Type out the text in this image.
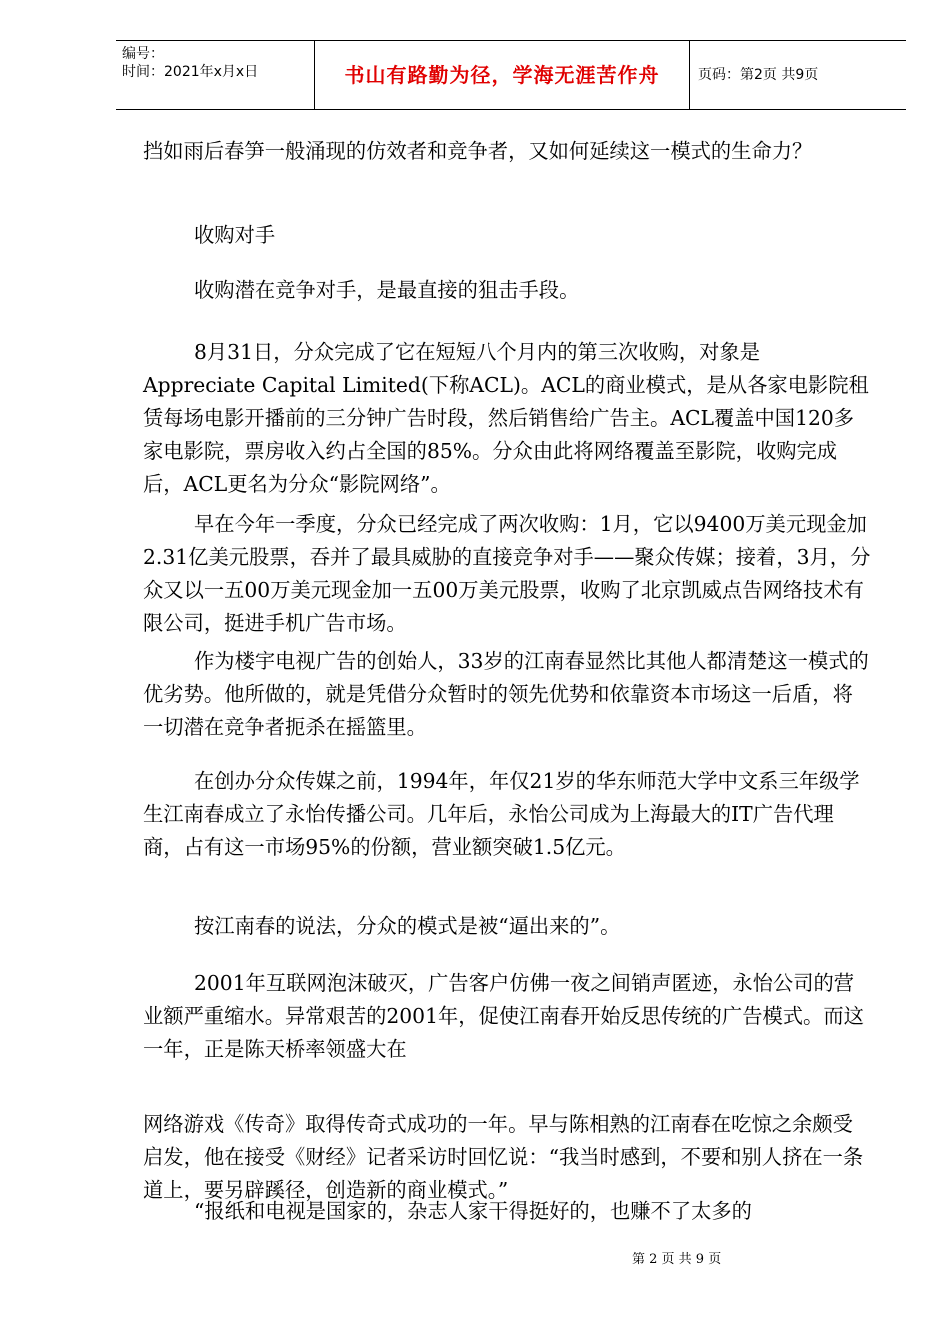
编号：
时间：2021年x月x日	书山有路勤为径，学海无涯苦作舟	页码：第2页 共9页

挡如雨后春笋一般涌现的仿效者和竞争者，又如何延续这一模式的生命力？

收购对手

收购潜在竞争对手，是最直接的狙击手段。

8月31日，分众完成了它在短短八个月内的第三次收购，对象是Appreciate Capital Limited(下称ACL)。ACL的商业模式，是从各家电影院租赁每场电影开播前的三分钟广告时段，然后销售给广告主。ACL覆盖中国120多家电影院，票房收入约占全国的85%。分众由此将网络覆盖至影院，收购完成后，ACL更名为分众“影院网络”。

早在今年一季度，分众已经完成了两次收购：1月，它以9400万美元现金加2.31亿美元股票，吞并了最具威胁的直接竞争对手——聚众传媒；接着，3月，分众又以一五00万美元现金加一五00万美元股票，收购了北京凯威点告网络技术有限公司，挺进手机广告市场。

作为楼宇电视广告的创始人，33岁的江南春显然比其他人都清楚这一模式的优劣势。他所做的，就是凭借分众暂时的领先优势和依靠资本市场这一后盾，将一切潜在竞争者扼杀在摇篮里。

在创办分众传媒之前，1994年，年仅21岁的华东师范大学中文系三年级学生江南春成立了永怡传播公司。几年后，永怡公司成为上海最大的IT广告代理商，占有这一市场95%的份额，营业额突破1.5亿元。

按江南春的说法，分众的模式是被“逼出来的”。

2001年互联网泡沫破灭，广告客户仿佛一夜之间销声匿迹，永怡公司的营业额严重缩水。异常艰苦的2001年，促使江南春开始反思传统的广告模式。而这一年，正是陈天桥率领盛大在

网络游戏《传奇》取得传奇式成功的一年。早与陈相熟的江南春在吃惊之余颇受启发，他在接受《财经》记者采访时回忆说：“我当时感到，不要和别人挤在一条道上，要另辟蹊径，创造新的商业模式。”

“报纸和电视是国家的，杂志人家干得挺好的，也赚不了太多的

第 2 页 共 9 页
